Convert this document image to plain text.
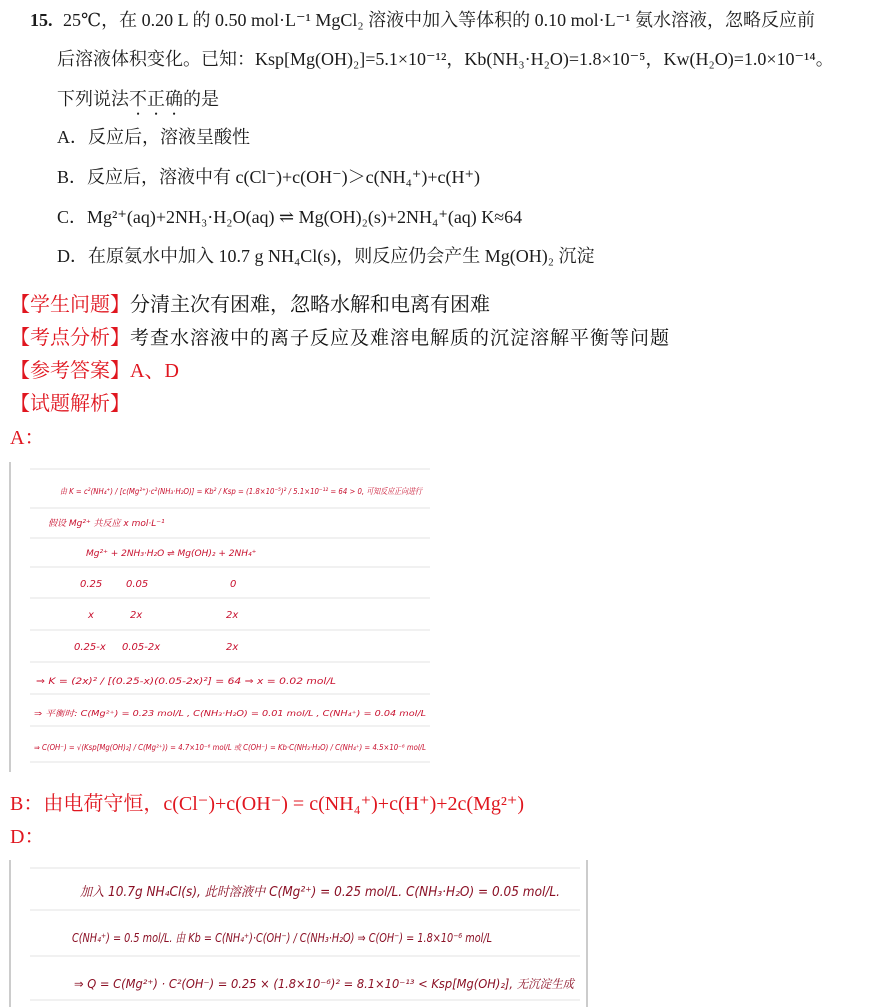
15. 25℃，在 0.20 L 的 0.50 mol·L⁻¹ MgCl₂ 溶液中加入等体积的 0.10 mol·L⁻¹ 氨水溶液，忽略反应前
后溶液体积变化。已知：Ksp[Mg(OH)₂]=5.1×10⁻¹²，Kb(NH₃·H₂O)=1.8×10⁻⁵，Kw(H₂O)=1.0×10⁻¹⁴。
下列说法不正确的是
A．反应后，溶液呈酸性
B．反应后，溶液中有 c(Cl⁻)+c(OH⁻)＞c(NH₄⁺)+c(H⁺)
C．Mg²⁺(aq)+2NH₃·H₂O(aq) ⇌ Mg(OH)₂(s)+2NH₄⁺(aq) K≈64
D．在原氨水中加入 10.7 g NH₄Cl(s)，则反应仍会产生 Mg(OH)₂ 沉淀
【学生问题】分清主次有困难，忽略水解和电离有困难
【考点分析】考查水溶液中的离子反应及难溶电解质的沉淀溶解平衡等问题
【参考答案】A、D
【试题解析】
A：
由 K = c²(NH₄⁺) / [c(Mg²⁺)·c²(NH₃·H₂O)] = Kb² / Ksp = (1.8×10⁻⁵)² / 5.1×10⁻¹² = 64 > 0, 可知反应正向进行
假设 Mg²⁺ 共反应 x mol·L⁻¹
Mg²⁺ + 2NH₃·H₂O ⇌ Mg(OH)₂ + 2NH₄⁺
0.25 0.05	0
x	2x	2x
0.25-x 0.05-2x	2x
⇒ K = (2x)² / [(0.25-x)(0.05-2x)²] = 64 ⇒ x = 0.02 mol/L
⇒ 平衡时: C(Mg²⁺) = 0.23 mol/L , C(NH₃·H₂O) = 0.01 mol/L , C(NH₄⁺) = 0.04 mol/L
⇒ C(OH⁻) = √(Ksp[Mg(OH)₂] / C(Mg²⁺)) = 4.7×10⁻⁶ mol/L 或 C(OH⁻) = Kb·C(NH₃·H₂O) / C(NH₄⁺) = 4.5×10⁻⁶ mol/L
B：由电荷守恒，c(Cl⁻)+c(OH⁻) = c(NH₄⁺)+c(H⁺)+2c(Mg²⁺)
D：
加入 10.7g NH₄Cl(s), 此时溶液中 C(Mg²⁺) = 0.25 mol/L. C(NH₃·H₂O) = 0.05 mol/L.
C(NH₄⁺) = 0.5 mol/L. 由 Kb = C(NH₄⁺)·C(OH⁻) / C(NH₃·H₂O) ⇒ C(OH⁻) = 1.8×10⁻⁶ mol/L
⇒ Q = C(Mg²⁺) · C²(OH⁻) = 0.25 × (1.8×10⁻⁶)² = 8.1×10⁻¹³ < Ksp[Mg(OH)₂], 无沉淀生成
